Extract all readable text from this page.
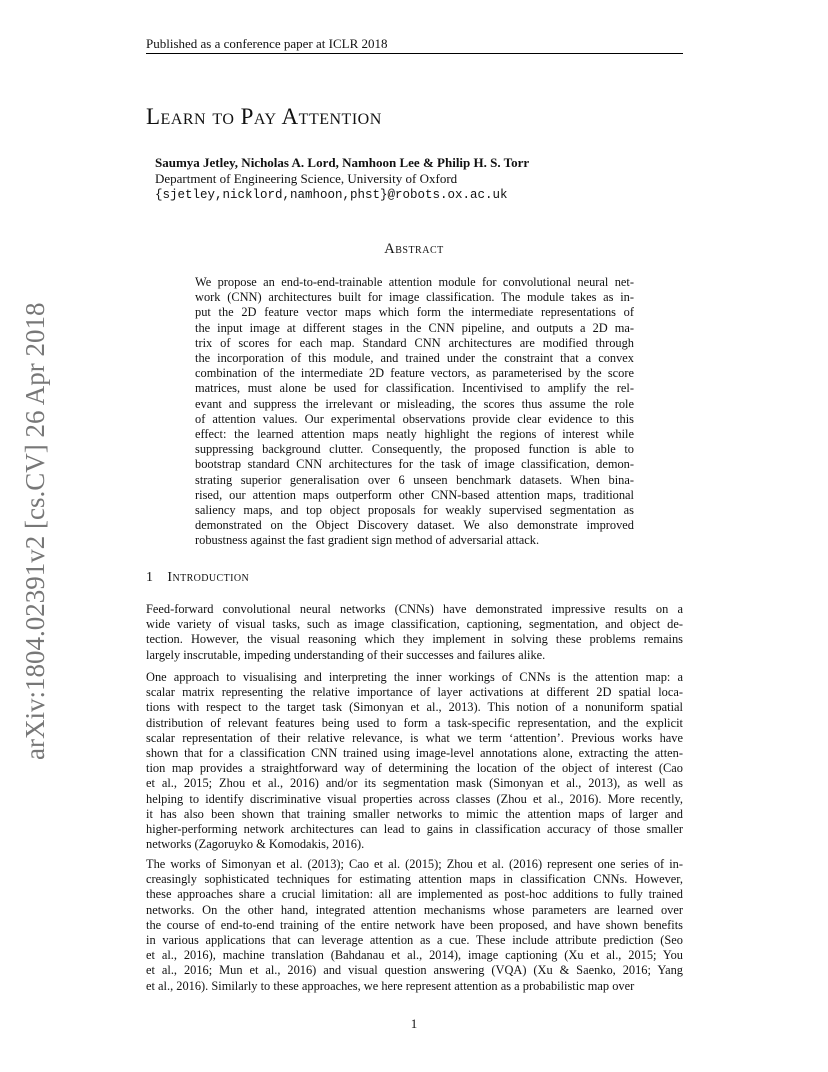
Published as a conference paper at ICLR 2018
Learn to Pay Attention
Saumya Jetley, Nicholas A. Lord, Namhoon Lee & Philip H. S. Torr
Department of Engineering Science, University of Oxford
{sjetley,nicklord,namhoon,phst}@robots.ox.ac.uk
Abstract
We propose an end-to-end-trainable attention module for convolutional neural net-
work (CNN) architectures built for image classification. The module takes as in-
put the 2D feature vector maps which form the intermediate representations of
the input image at different stages in the CNN pipeline, and outputs a 2D ma-
trix of scores for each map. Standard CNN architectures are modified through
the incorporation of this module, and trained under the constraint that a convex
combination of the intermediate 2D feature vectors, as parameterised by the score
matrices, must alone be used for classification. Incentivised to amplify the rel-
evant and suppress the irrelevant or misleading, the scores thus assume the role
of attention values. Our experimental observations provide clear evidence to this
effect: the learned attention maps neatly highlight the regions of interest while
suppressing background clutter. Consequently, the proposed function is able to
bootstrap standard CNN architectures for the task of image classification, demon-
strating superior generalisation over 6 unseen benchmark datasets. When bina-
rised, our attention maps outperform other CNN-based attention maps, traditional
saliency maps, and top object proposals for weakly supervised segmentation as
demonstrated on the Object Discovery dataset. We also demonstrate improved
robustness against the fast gradient sign method of adversarial attack.
1 Introduction
Feed-forward convolutional neural networks (CNNs) have demonstrated impressive results on a
wide variety of visual tasks, such as image classification, captioning, segmentation, and object de-
tection. However, the visual reasoning which they implement in solving these problems remains
largely inscrutable, impeding understanding of their successes and failures alike.
One approach to visualising and interpreting the inner workings of CNNs is the attention map: a
scalar matrix representing the relative importance of layer activations at different 2D spatial loca-
tions with respect to the target task (Simonyan et al., 2013). This notion of a nonuniform spatial
distribution of relevant features being used to form a task-specific representation, and the explicit
scalar representation of their relative relevance, is what we term ‘attention’. Previous works have
shown that for a classification CNN trained using image-level annotations alone, extracting the atten-
tion map provides a straightforward way of determining the location of the object of interest (Cao
et al., 2015; Zhou et al., 2016) and/or its segmentation mask (Simonyan et al., 2013), as well as
helping to identify discriminative visual properties across classes (Zhou et al., 2016). More recently,
it has also been shown that training smaller networks to mimic the attention maps of larger and
higher-performing network architectures can lead to gains in classification accuracy of those smaller
networks (Zagoruyko & Komodakis, 2016).
The works of Simonyan et al. (2013); Cao et al. (2015); Zhou et al. (2016) represent one series of in-
creasingly sophisticated techniques for estimating attention maps in classification CNNs. However,
these approaches share a crucial limitation: all are implemented as post-hoc additions to fully trained
networks. On the other hand, integrated attention mechanisms whose parameters are learned over
the course of end-to-end training of the entire network have been proposed, and have shown benefits
in various applications that can leverage attention as a cue. These include attribute prediction (Seo
et al., 2016), machine translation (Bahdanau et al., 2014), image captioning (Xu et al., 2015; You
et al., 2016; Mun et al., 2016) and visual question answering (VQA) (Xu & Saenko, 2016; Yang
et al., 2016). Similarly to these approaches, we here represent attention as a probabilistic map over
arXiv:1804.02391v2 [cs.CV] 26 Apr 2018
1
